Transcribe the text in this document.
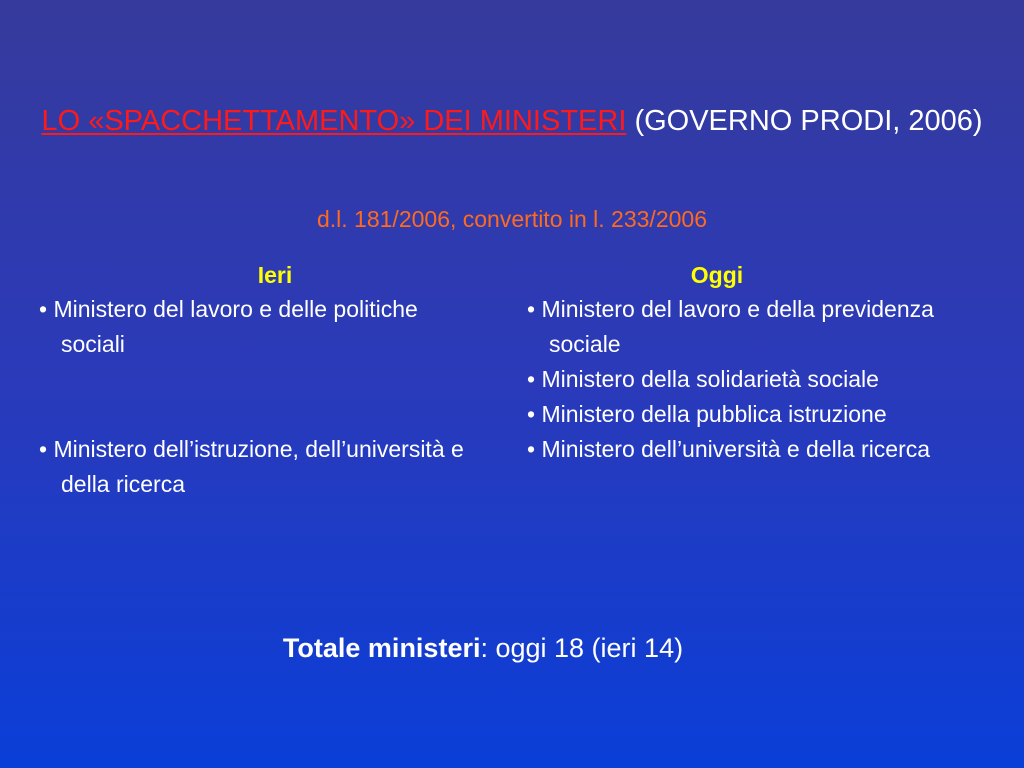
LO «SPACCHETTAMENTO» DEI MINISTERI (GOVERNO PRODI, 2006)
d.l. 181/2006, convertito in l. 233/2006
Ieri

• Ministero del lavoro e delle politiche sociali

• Ministero dell’istruzione, dell’università e della ricerca

Oggi

• Ministero del lavoro e della previdenza sociale

• Ministero della solidarietà sociale

• Ministero della pubblica istruzione

• Ministero dell’università e della ricerca

Totale ministeri: oggi 18 (ieri 14)
